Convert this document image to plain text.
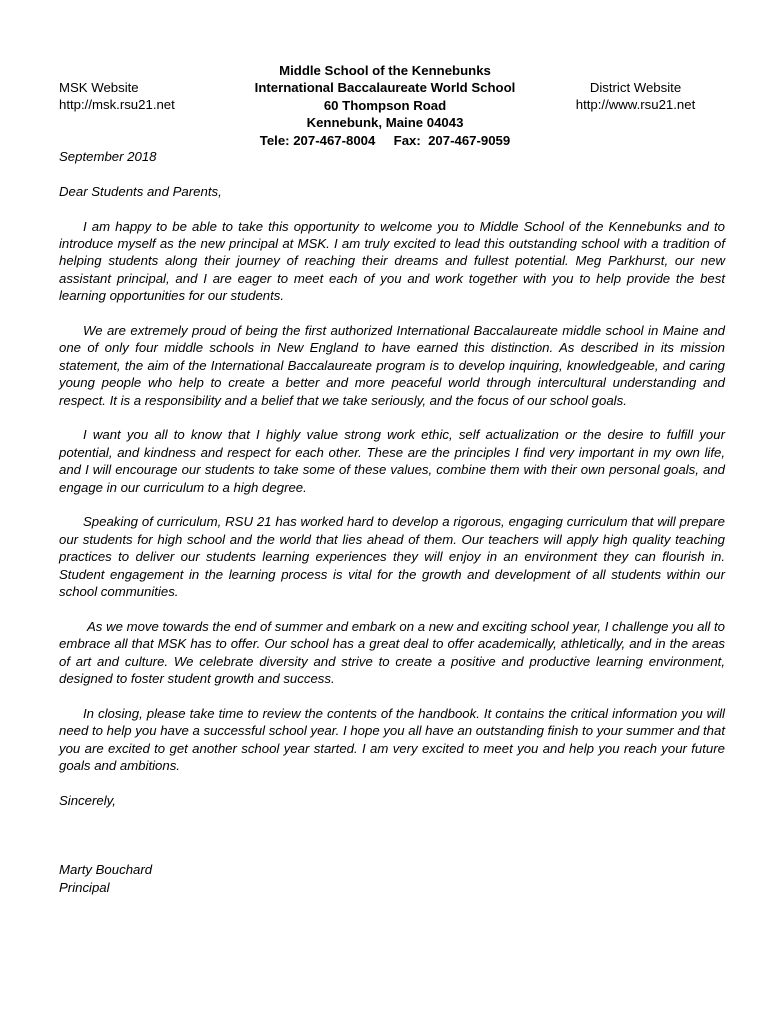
Middle School of the Kennebunks
International Baccalaureate World School
60 Thompson Road
Kennebunk, Maine 04043
Tele: 207-467-8004     Fax:  207-467-9059
MSK Website
http://msk.rsu21.net
District Website
http://www.rsu21.net

September 2018

Dear Students and Parents,

I am happy to be able to take this opportunity to welcome you to Middle School of the Kennebunks and to introduce myself as the new principal at MSK. I am truly excited to lead this outstanding school with a tradition of helping students along their journey of reaching their dreams and fullest potential. Meg Parkhurst, our new assistant principal, and I are eager to meet each of you and work together with you to help provide the best learning opportunities for our students.

We are extremely proud of being the first authorized International Baccalaureate middle school in Maine and one of only four middle schools in New England to have earned this distinction. As described in its mission statement, the aim of the International Baccalaureate program is to develop inquiring, knowledgeable, and caring young people who help to create a better and more peaceful world through intercultural understanding and respect. It is a responsibility and a belief that we take seriously, and the focus of our school goals.

I want you all to know that I highly value strong work ethic, self actualization or the desire to fulfill your potential, and kindness and respect for each other. These are the principles I find very important in my own life, and I will encourage our students to take some of these values, combine them with their own personal goals, and engage in our curriculum to a high degree.

Speaking of curriculum, RSU 21 has worked hard to develop a rigorous, engaging curriculum that will prepare our students for high school and the world that lies ahead of them. Our teachers will apply high quality teaching practices to deliver our students learning experiences they will enjoy in an environment they can flourish in. Student engagement in the learning process is vital for the growth and development of all students within our school communities.

As we move towards the end of summer and embark on a new and exciting school year, I challenge you all to embrace all that MSK has to offer. Our school has a great deal to offer academically, athletically, and in the areas of art and culture. We celebrate diversity and strive to create a positive and productive learning environment, designed to foster student growth and success.

In closing, please take time to review the contents of the handbook. It contains the critical information you will need to help you have a successful school year. I hope you all have an outstanding finish to your summer and that you are excited to get another school year started. I am very excited to meet you and help you reach your future goals and ambitions.

Sincerely,

Marty Bouchard

Principal
